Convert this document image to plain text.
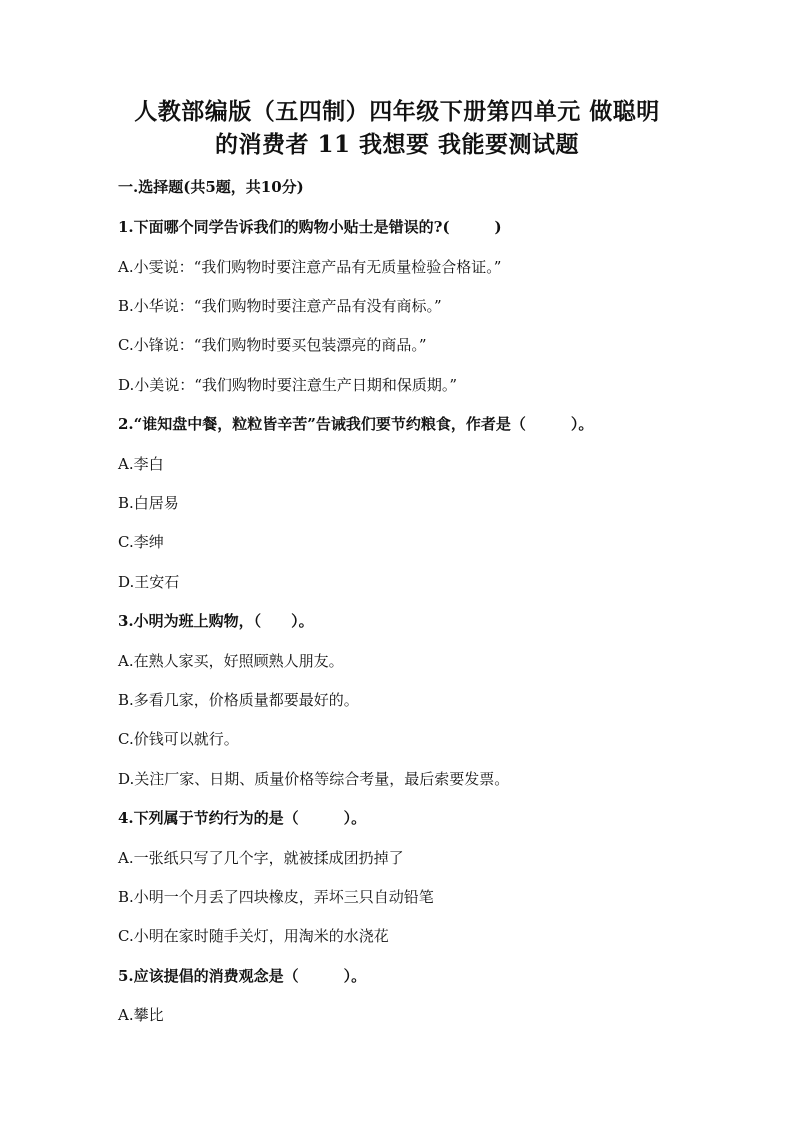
人教部编版（五四制）四年级下册第四单元 做聪明
的消费者 11 我想要 我能要测试题
一.选择题(共5题，共10分)
1.下面哪个同学告诉我们的购物小贴士是错误的?(　　　)
A.小雯说：“我们购物时要注意产品有无质量检验合格证。”
B.小华说：“我们购物时要注意产品有没有商标。”
C.小锋说：“我们购物时要买包装漂亮的商品。”
D.小美说：“我们购物时要注意生产日期和保质期。”
2.“谁知盘中餐，粒粒皆辛苦”告诫我们要节约粮食，作者是（　　　）。
A.李白
B.白居易
C.李绅
D.王安石
3.小明为班上购物，（　　）。
A.在熟人家买，好照顾熟人朋友。
B.多看几家，价格质量都要最好的。
C.价钱可以就行。
D.关注厂家、日期、质量价格等综合考量，最后索要发票。
4.下列属于节约行为的是（　　　）。
A.一张纸只写了几个字，就被揉成团扔掉了
B.小明一个月丢了四块橡皮，弄坏三只自动铅笔
C.小明在家时随手关灯，用淘米的水浇花
5.应该提倡的消费观念是（　　　）。
A.攀比
